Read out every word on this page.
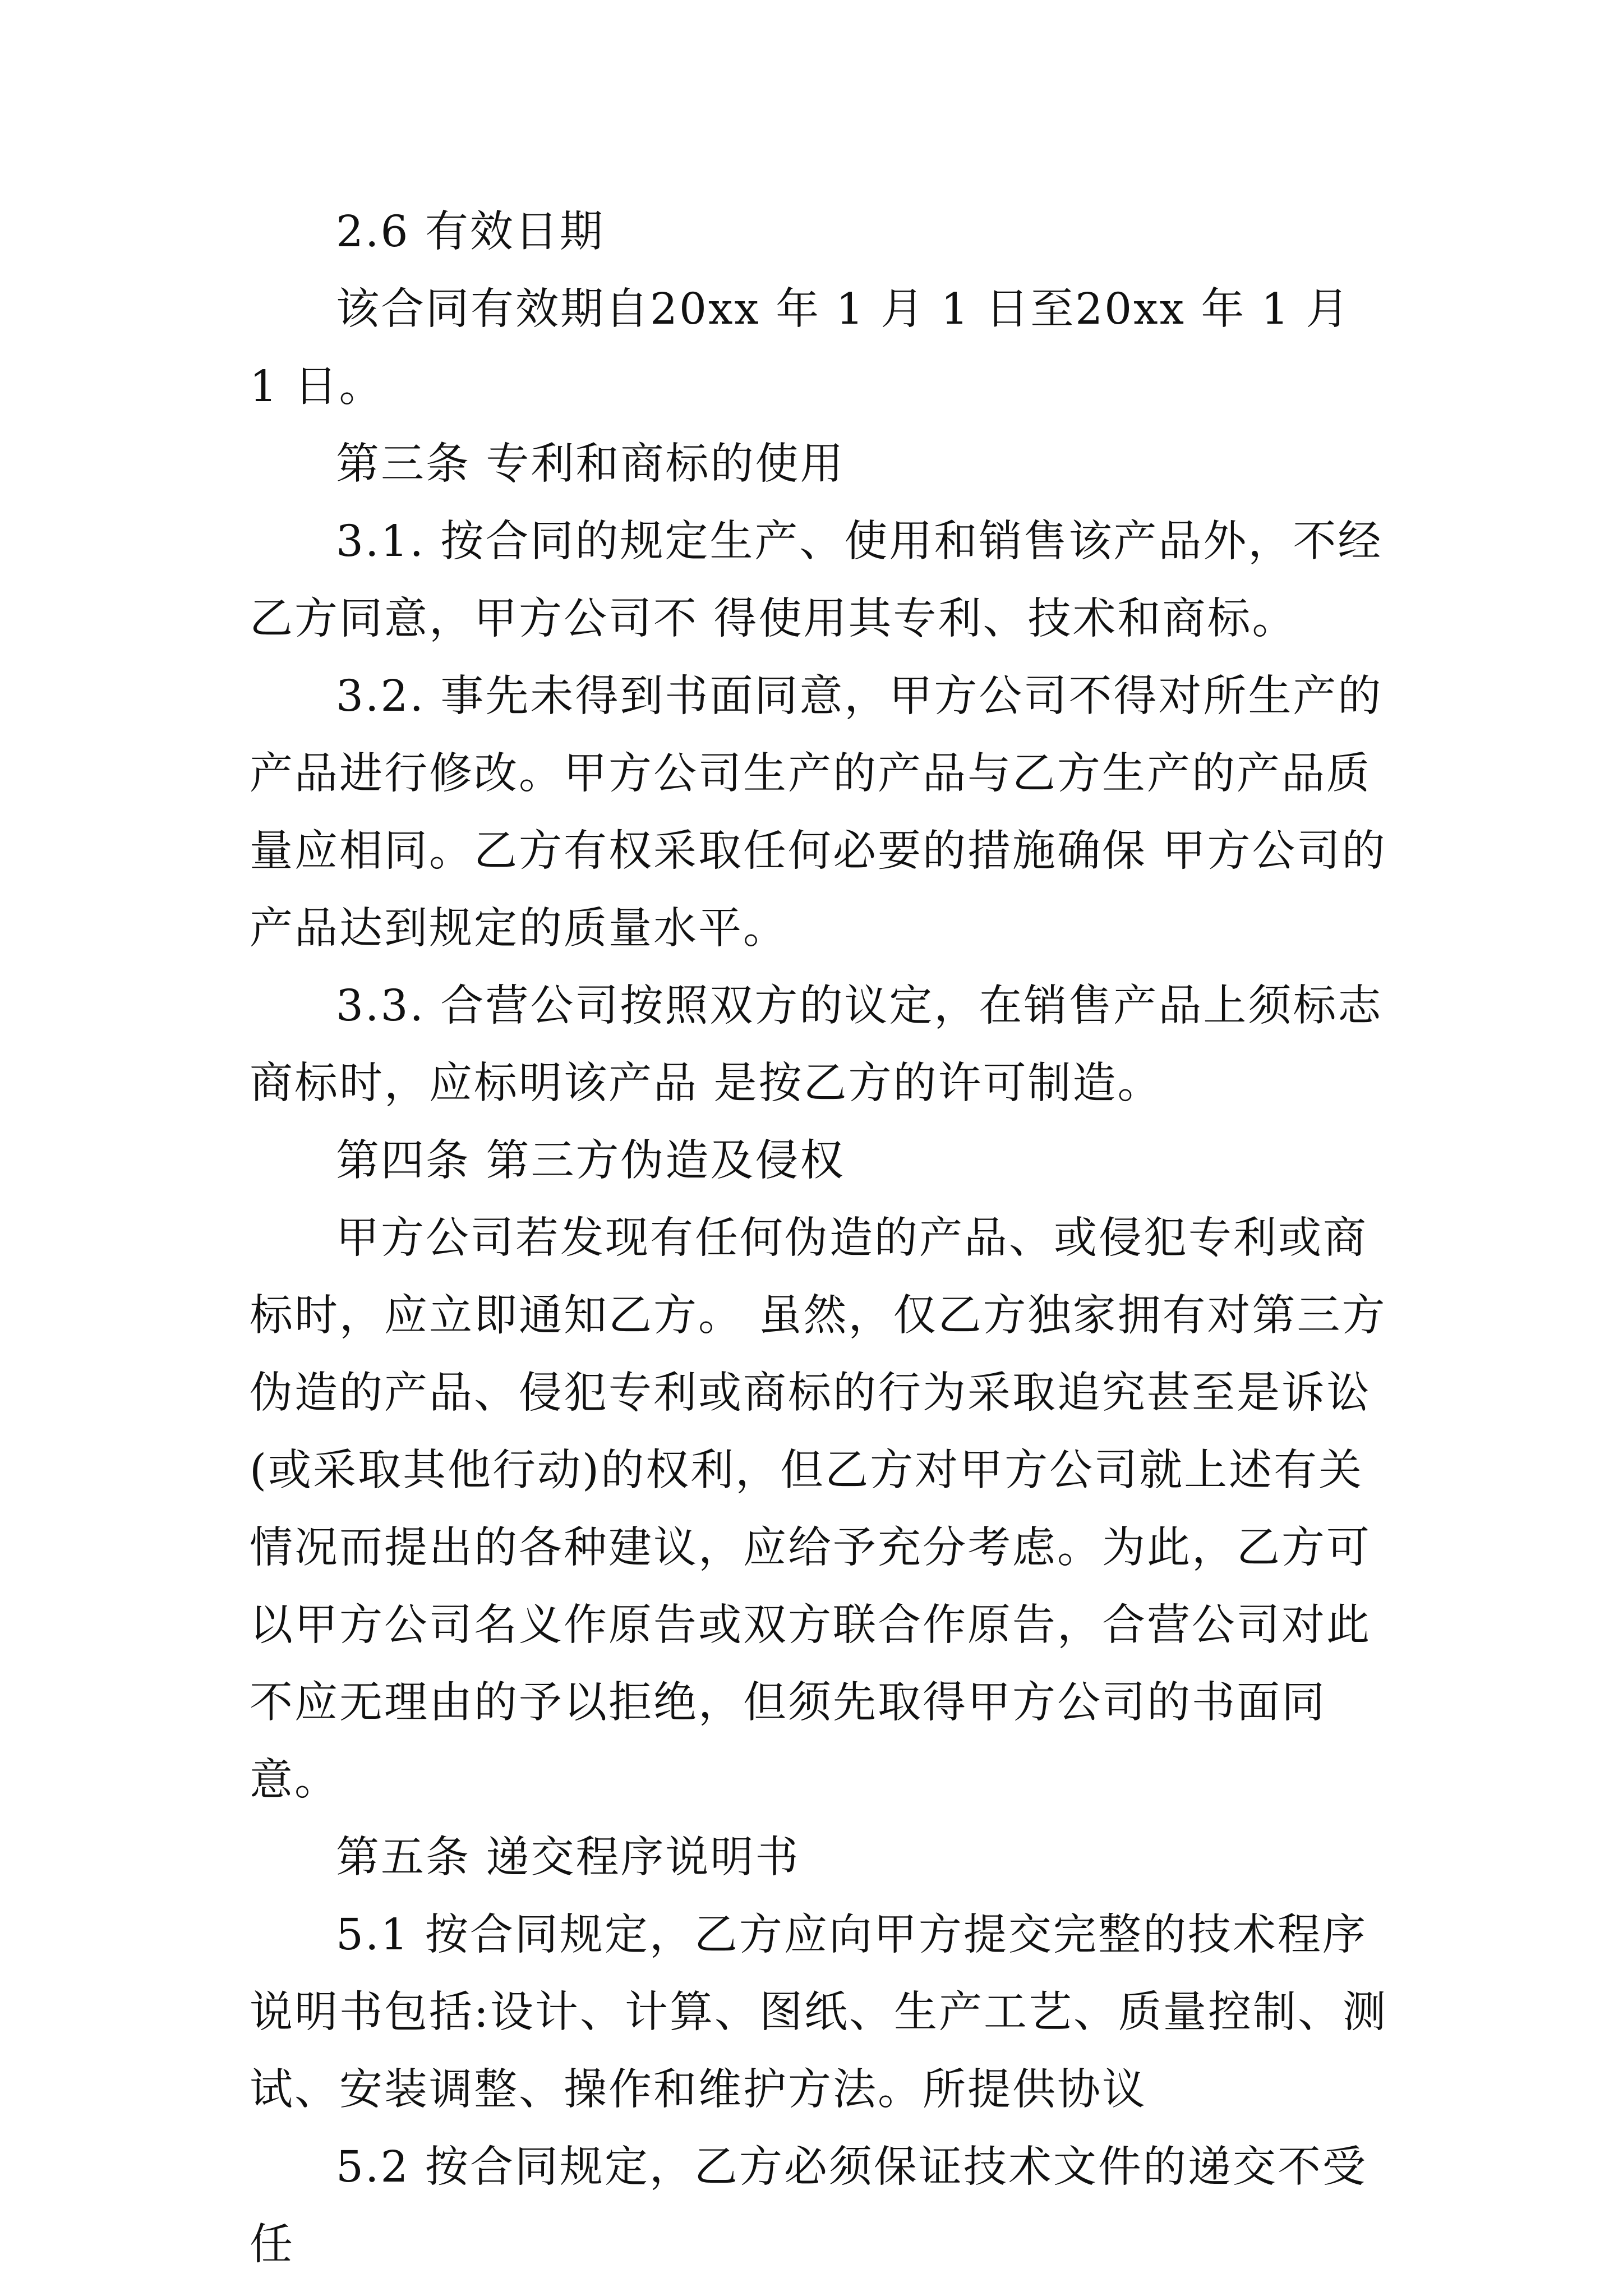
2.6 有效日期

该合同有效期自20xx 年 1 月 1 日至20xx 年 1 月 1 日。

第三条 专利和商标的使用

3.1. 按合同的规定生产、使用和销售该产品外，不经乙方同意，甲方公司不 得使用其专利、技术和商标。

3.2. 事先未得到书面同意，甲方公司不得对所生产的产品进行修改。甲方公司生产的产品与乙方生产的产品质量应相同。乙方有权采取任何必要的措施确保 甲方公司的产品达到规定的质量水平。

3.3. 合营公司按照双方的议定，在销售产品上须标志商标时，应标明该产品 是按乙方的许可制造。

第四条 第三方伪造及侵权

甲方公司若发现有任何伪造的产品、或侵犯专利或商标时，应立即通知乙方。 虽然，仅乙方独家拥有对第三方伪造的产品、侵犯专利或商标的行为采取追究甚至是诉讼(或采取其他行动)的权利，但乙方对甲方公司就上述有关情况而提出的各种建议，应给予充分考虑。为此，乙方可以甲方公司名义作原告或双方联合作原告，合营公司对此不应无理由的予以拒绝，但须先取得甲方公司的书面同意。

第五条 递交程序说明书

5.1 按合同规定，乙方应向甲方提交完整的技术程序说明书包括:设计、计算、图纸、生产工艺、质量控制、测试、安装调整、操作和维护方法。所提供协议

5.2 按合同规定，乙方必须保证技术文件的递交不受任
